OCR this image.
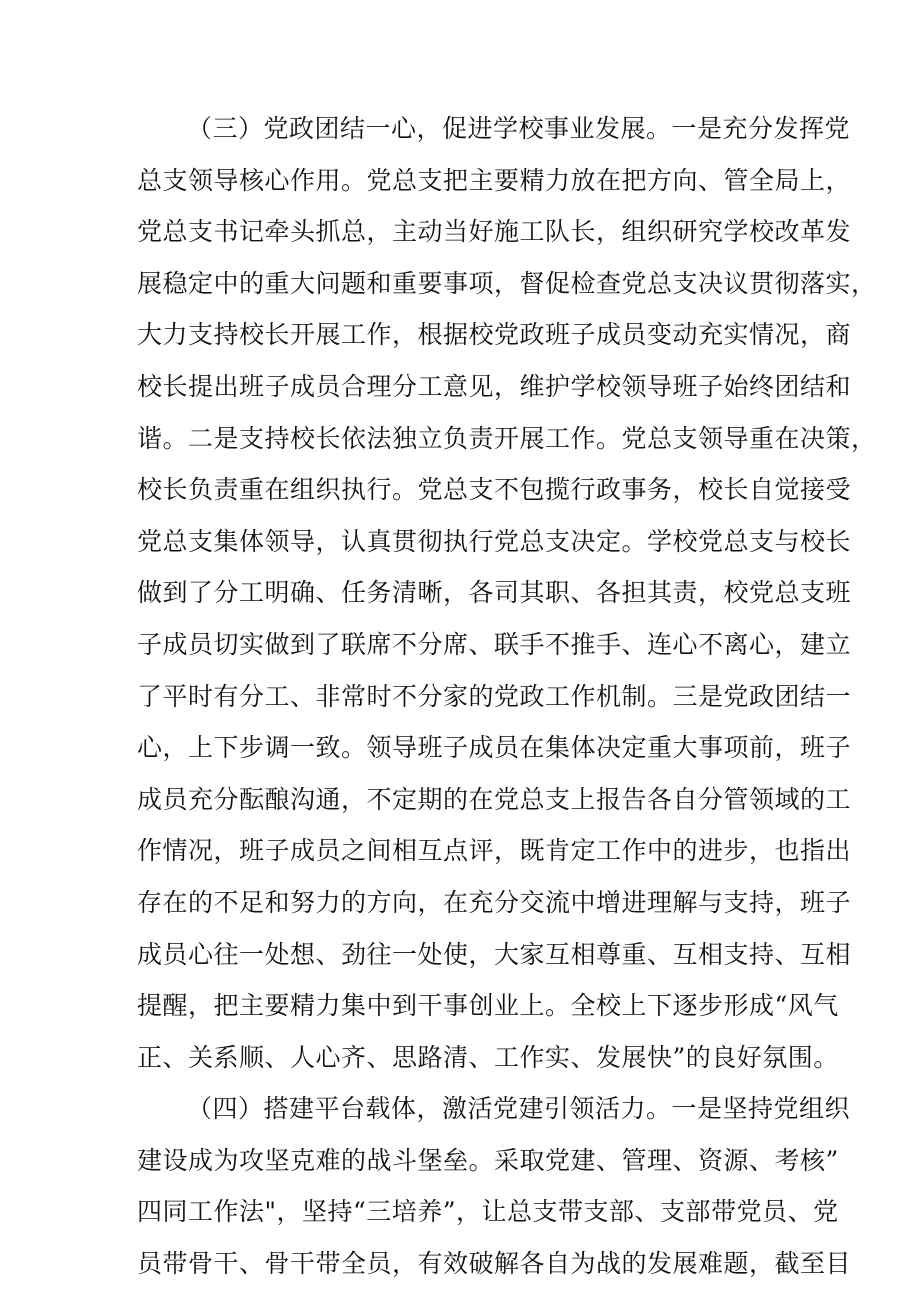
（三）党政团结一心，促进学校事业发展。一是充分发挥党
总支领导核心作用。党总支把主要精力放在把方向、管全局上，
党总支书记牵头抓总，主动当好施工队长，组织研究学校改革发
展稳定中的重大问题和重要事项，督促检查党总支决议贯彻落实，
大力支持校长开展工作，根据校党政班子成员变动充实情况，商
校长提出班子成员合理分工意见，维护学校领导班子始终团结和
谐。二是支持校长依法独立负责开展工作。党总支领导重在决策，
校长负责重在组织执行。党总支不包揽行政事务，校长自觉接受
党总支集体领导，认真贯彻执行党总支决定。学校党总支与校长
做到了分工明确、任务清晰，各司其职、各担其责，校党总支班
子成员切实做到了联席不分席、联手不推手、连心不离心，建立
了平时有分工、非常时不分家的党政工作机制。三是党政团结一
心，上下步调一致。领导班子成员在集体决定重大事项前，班子
成员充分酝酿沟通，不定期的在党总支上报告各自分管领域的工
作情况，班子成员之间相互点评，既肯定工作中的进步，也指出
存在的不足和努力的方向，在充分交流中增进理解与支持，班子
成员心往一处想、劲往一处使，大家互相尊重、互相支持、互相
提醒，把主要精力集中到干事创业上。全校上下逐步形成“风气
正、关系顺、人心齐、思路清、工作实、发展快”的良好氛围。
（四）搭建平台载体，激活党建引领活力。一是坚持党组织
建设成为攻坚克难的战斗堡垒。采取党建、管理、资源、考核”
四同工作法"，坚持“三培养”，让总支带支部、支部带党员、党
员带骨干、骨干带全员，有效破解各自为战的发展难题，截至目
